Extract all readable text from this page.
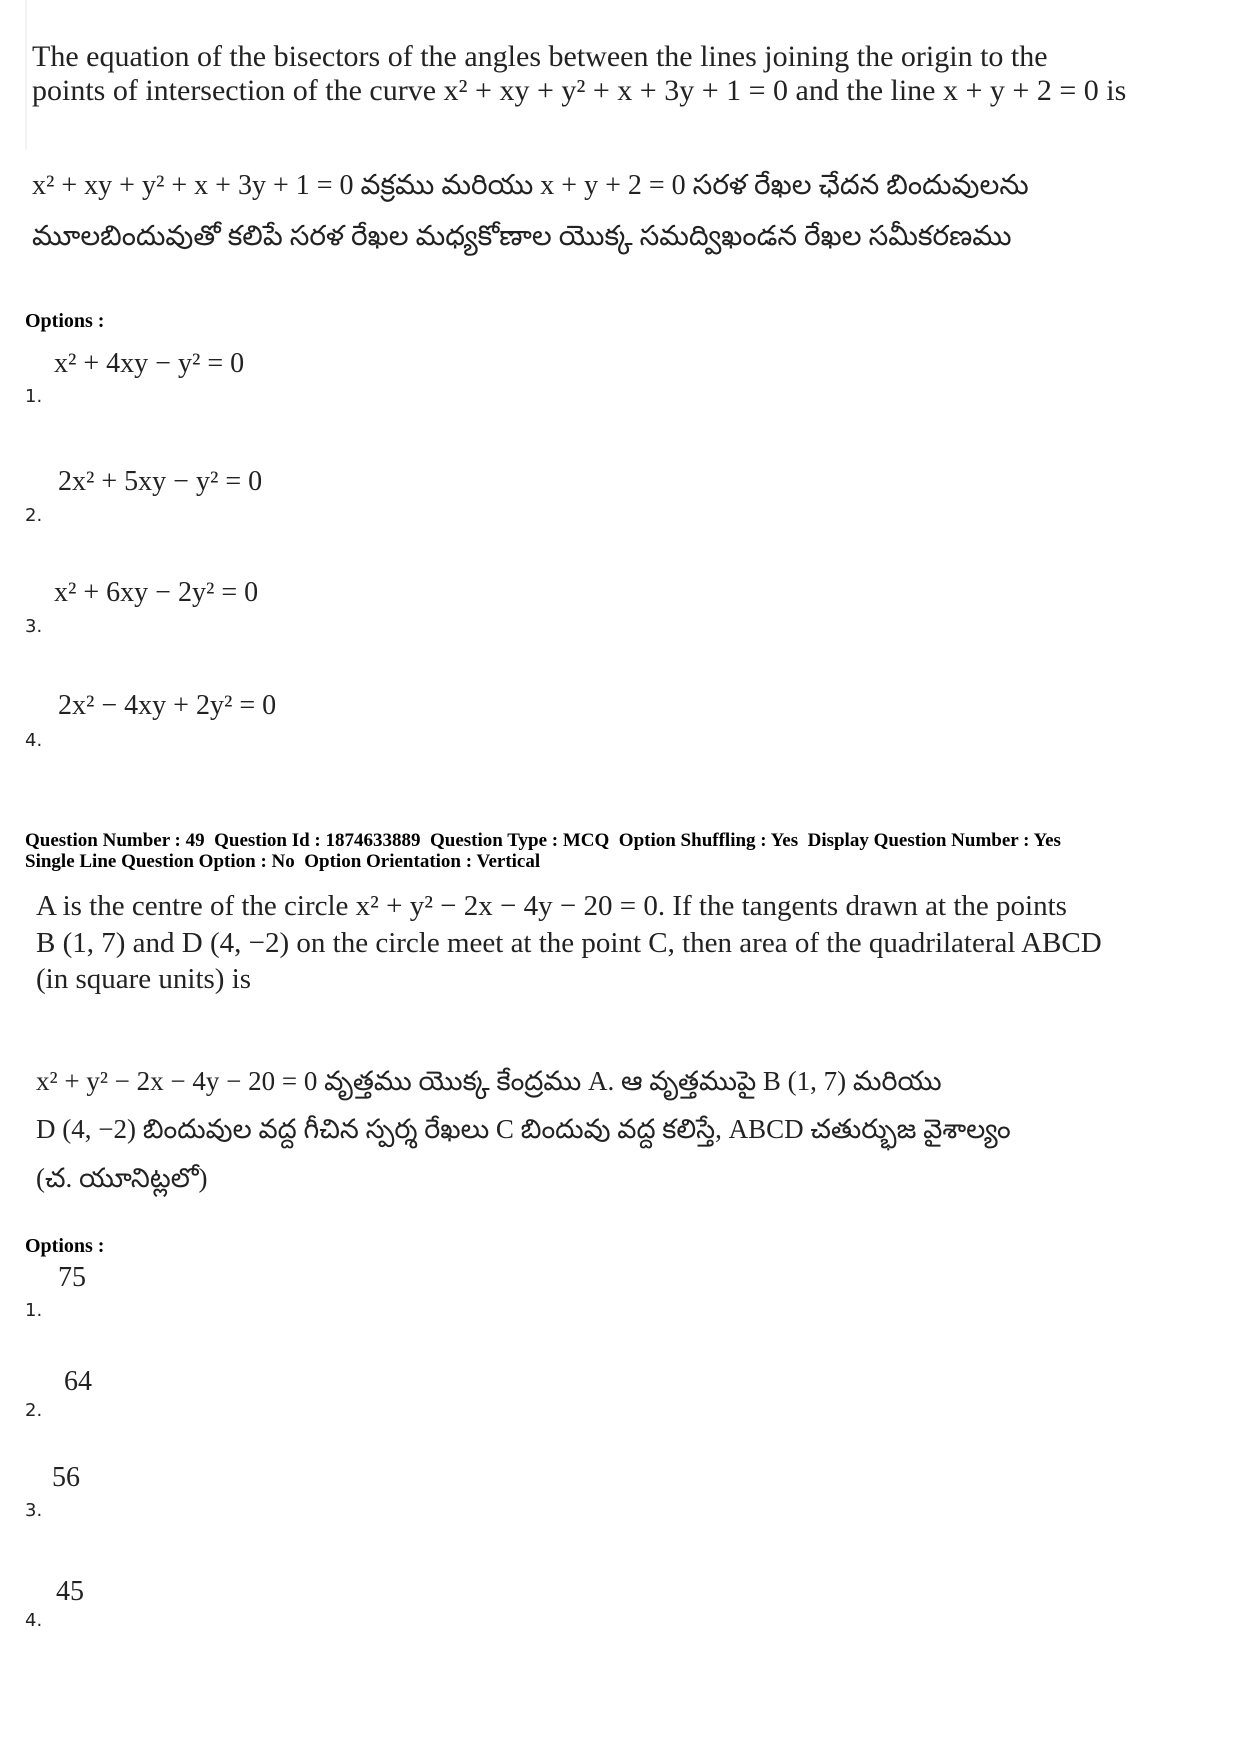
The equation of the bisectors of the angles between the lines joining the origin to the
points of intersection of the curve x² + xy + y² + x + 3y + 1 = 0 and the line x + y + 2 = 0 is
x² + xy + y² + x + 3y + 1 = 0 వక్రము మరియు x + y + 2 = 0 సరళ రేఖల ఛేదన బిందువులను
మూలబిందువుతో కలిపే సరళ రేఖల మధ్యకోణాల యొక్క సమద్విఖండన రేఖల సమీకరణము
Options :
x² + 4xy − y² = 0
1.
2x² + 5xy − y² = 0
2.
x² + 6xy − 2y² = 0
3.
2x² − 4xy + 2y² = 0
4.
Question Number : 49  Question Id : 1874633889  Question Type : MCQ  Option Shuffling : Yes  Display Question Number : Yes
Single Line Question Option : No  Option Orientation : Vertical
A is the centre of the circle x² + y² − 2x − 4y − 20 = 0. If the tangents drawn at the points
B (1, 7) and D (4, −2) on the circle meet at the point C, then area of the quadrilateral ABCD
(in square units) is
x² + y² − 2x − 4y − 20 = 0 వృత్తము యొక్క కేంద్రము A. ఆ వృత్తముపై B (1, 7) మరియు
D (4, −2) బిందువుల వద్ద గీచిన స్పర్శ రేఖలు C బిందువు వద్ద కలిస్తే, ABCD చతుర్భుజ వైశాల్యం
(చ. యూనిట్లలో)
Options :
75
1.
64
2.
56
3.
45
4.
